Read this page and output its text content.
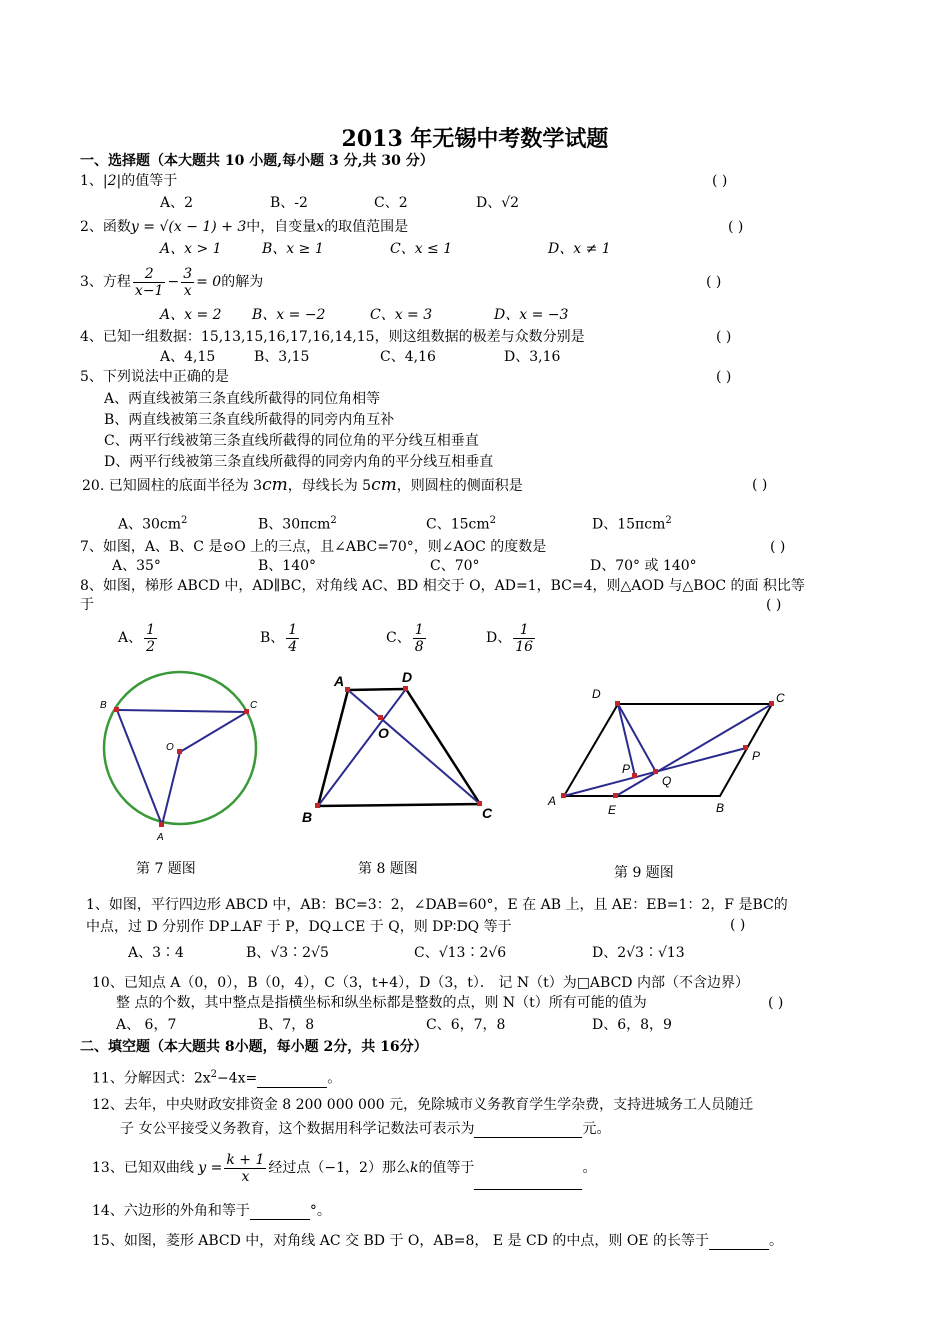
2013 年无锡中考数学试题
一、选择题（本大题共 10 小题,每小题 3 分,共 30 分）
1、|2|的值等于	( )
A、2	B、-2	C、2	D、√2
2、函数y = √(x − 1) + 3中，自变量x的取值范围是	( )
A、x > 1	B、x ≥ 1	C、x ≤ 1	D、x ≠ 1
3、方程 $\frac{2}{x-1} - \frac{3}{x} = 0$的解为	( )
A、x = 2 B、x = −2	C、x = 3	D、x = −3
4、已知一组数据：15,13,15,16,17,16,14,15，则这组数据的极差与众数分别是	( )
A、4,15	B、3,15	C、4,16	D、3,16
5、下列说法中正确的是	( )
A、两直线被第三条直线所截得的同位角相等
B、两直线被第三条直线所截得的同旁内角互补
C、两平行线被第三条直线所截得的同位角的平分线互相垂直
D、两平行线被第三条直线所截得的同旁内角的平分线互相垂直
20. 已知圆柱的底面半径为 3cm，母线长为 5cm，则圆柱的侧面积是	( )
A、$30cm^2$	B、30πcm$^2$	C、$15cm^2$	D、15πcm$^2$
7、如图，A、B、C 是⊙O 上的三点，且∠ABC=70°，则∠AOC 的度数是	( )
A、35°	B、140°	C、70°	D、70° 或 140°
8、如图，梯形 ABCD 中，AD∥BC，对角线 AC、BD 相交于 O，AD=1，BC=4，则△AOD 与△BOC 的面 积比等
于	( )
A、 $\frac{1}{2}$	B、 $\frac{1}{4}$	C、 $\frac{1}{8}$	D、 $\frac{1}{16}$
B	C
O
A
第 7 题图
A	D
O
B	C
第 8 题图
D	C
P
Q
P
A
E	B
第 9 题图
1、如图，平行四边形 ABCD 中，AB：BC=3：2，∠DAB=60°，E 在 AB 上，且 AE：EB=1：2，F 是BC的
中点，过 D 分别作 DP⊥AF 于 P，DQ⊥CE 于 Q，则 DP∶DQ 等于	( )
A、3∶4	B、√3∶2√5	C、√13∶2√6	D、2√3∶√13
10、已知点 A（0，0），B（0，4），C（3，t+4），D（3，t）． 记 N（t）为□ABCD 内部（不含边界）
整 点的个数，其中整点是指横坐标和纵坐标都是整数的点，则 N（t）所有可能的值为	( )
A、 6，7	B、7，8	C、6，7，8	D、6，8，9
二、填空题（本大题共 8小题，每小题 2分，共 16分）
11、分解因式：$2x^2-4x=$	。
12、去年，中央财政安排资金 8 200 000 000 元，免除城市义务教育学生学杂费，支持进城务工人员随迁
子 女公平接受义务教育，这个数据用科学记数法可表示为	元。
13、已知双曲线 $y = \frac{k + 1}{x}$ 经过点（−1，2）那么k的值等于	。
14、六边形的外角和等于	°。
15、如图，菱形 ABCD 中，对角线 AC 交 BD 于 O，AB=8， E 是 CD 的中点，则 OE 的长等于	。
